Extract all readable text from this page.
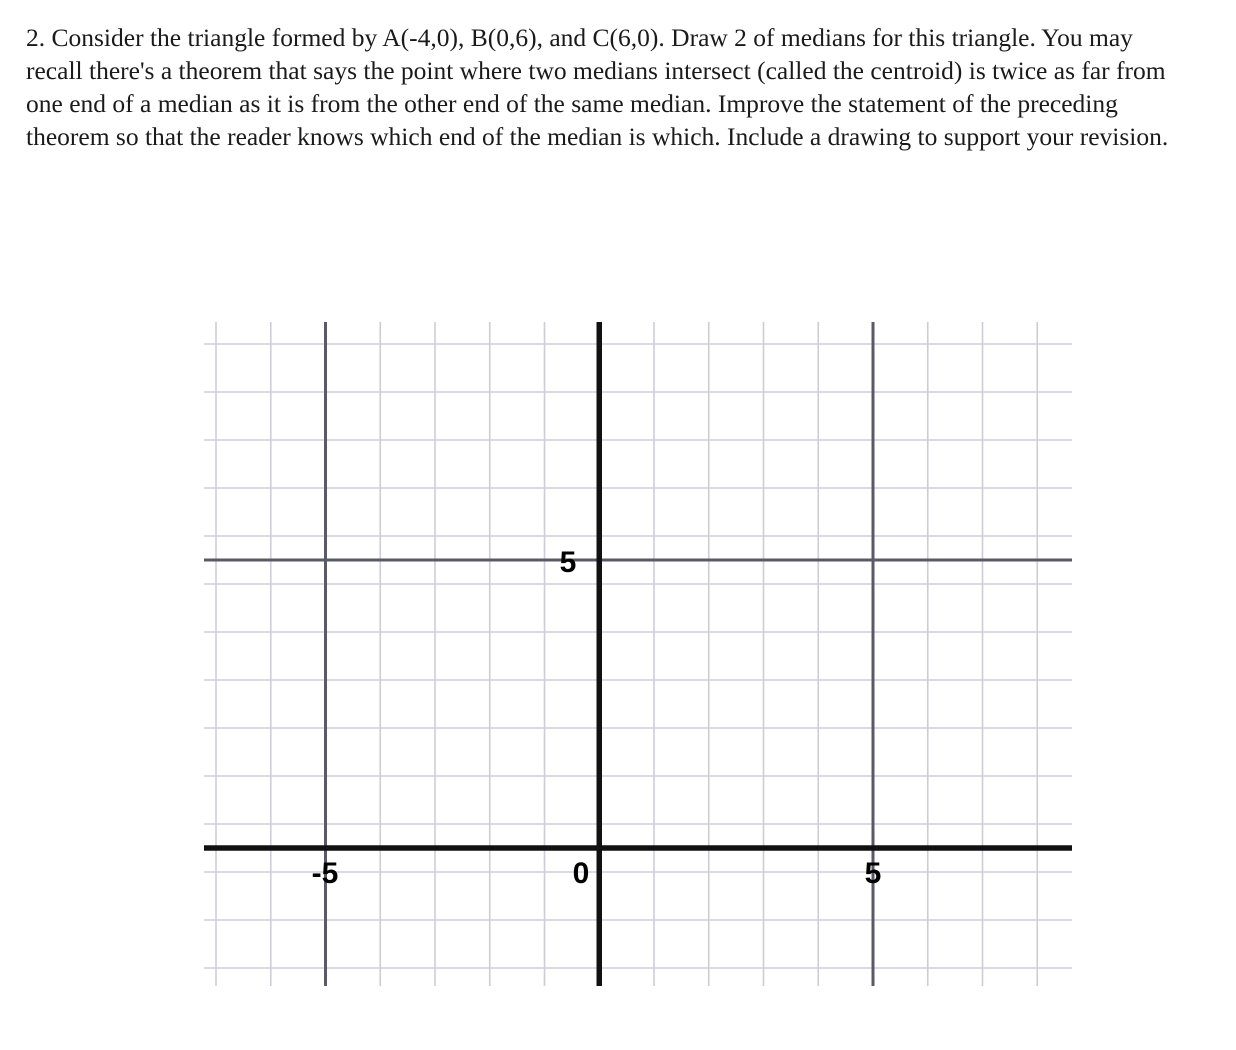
2. Consider the triangle formed by A(-4,0), B(0,6), and C(6,0). Draw 2 of medians for this triangle. You may recall there's a theorem that says the point where two medians intersect (called the centroid) is twice as far from one end of a median as it is from the other end of the same median. Improve the statement of the preceding theorem so that the reader knows which end of the median is which. Include a drawing to support your revision.
5
-5	0	5
